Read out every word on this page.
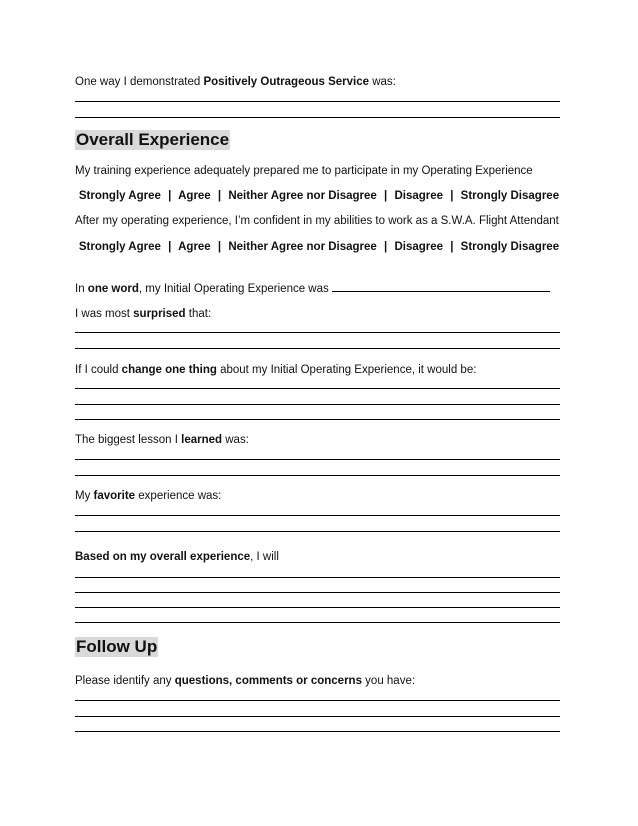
One way I demonstrated Positively Outrageous Service was:
Overall Experience
My training experience adequately prepared me to participate in my Operating Experience
Strongly Agree | Agree | Neither Agree nor Disagree | Disagree | Strongly Disagree
After my operating experience, I’m confident in my abilities to work as a S.W.A. Flight Attendant
Strongly Agree | Agree | Neither Agree nor Disagree | Disagree | Strongly Disagree
In one word, my Initial Operating Experience was
I was most surprised that:
If I could change one thing about my Initial Operating Experience, it would be:
The biggest lesson I learned was:
My favorite experience was:
Based on my overall experience, I will
Follow Up
Please identify any questions, comments or concerns you have:
